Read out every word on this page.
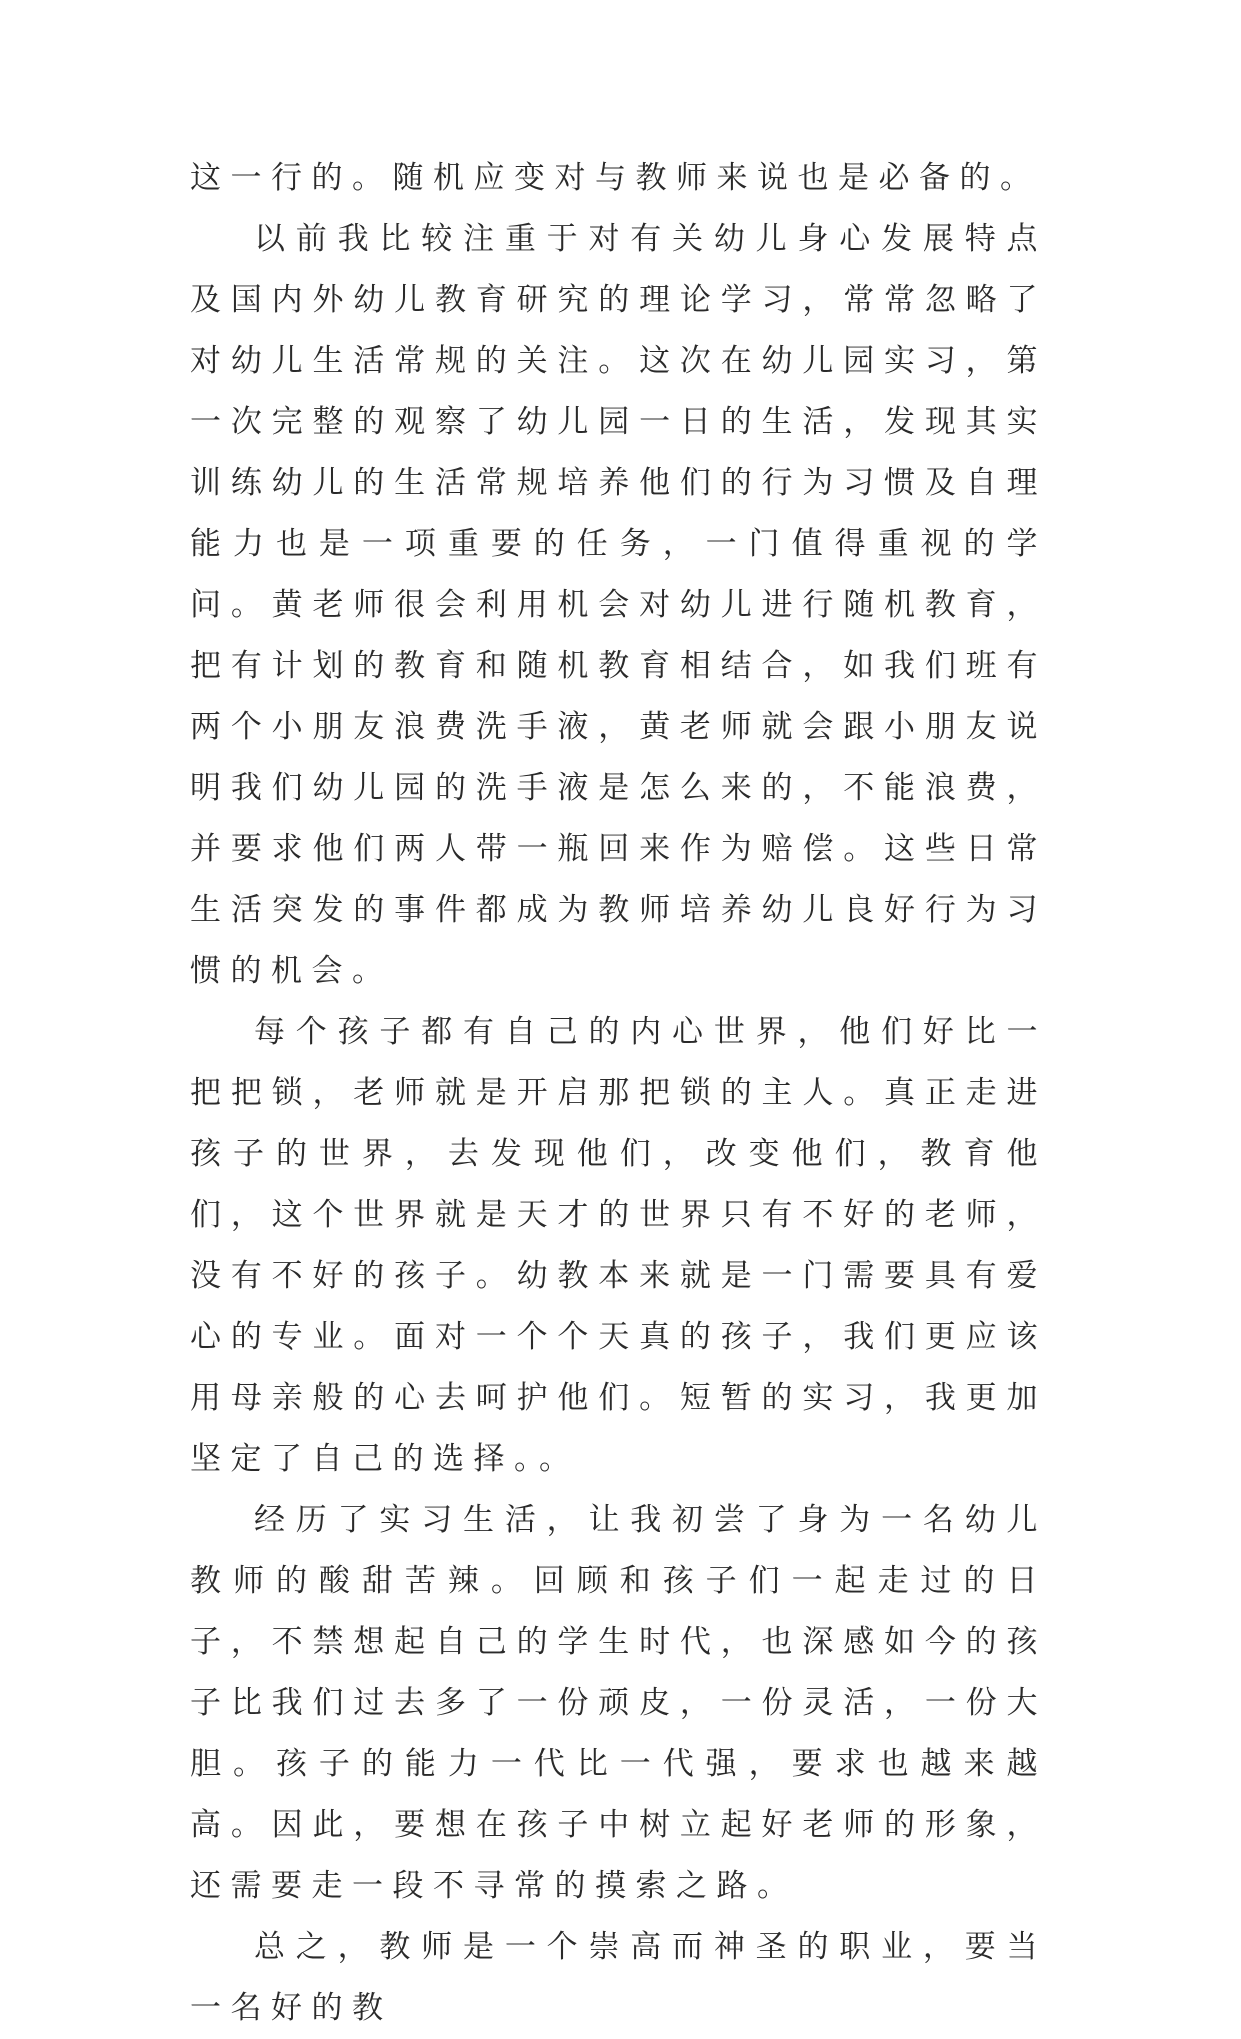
这一行的。随机应变对与教师来说也是必备的。

以前我比较注重于对有关幼儿身心发展特点及国内外幼儿教育研究的理论学习，常常忽略了对幼儿生活常规的关注。这次在幼儿园实习，第一次完整的观察了幼儿园一日的生活，发现其实训练幼儿的生活常规培养他们的行为习惯及自理能力也是一项重要的任务，一门值得重视的学问。黄老师很会利用机会对幼儿进行随机教育，把有计划的教育和随机教育相结合，如我们班有两个小朋友浪费洗手液，黄老师就会跟小朋友说明我们幼儿园的洗手液是怎么来的，不能浪费，并要求他们两人带一瓶回来作为赔偿。这些日常生活突发的事件都成为教师培养幼儿良好行为习惯的机会。

每个孩子都有自己的内心世界，他们好比一把把锁，老师就是开启那把锁的主人。真正走进孩子的世界，去发现他们，改变他们，教育他们，这个世界就是天才的世界只有不好的老师，没有不好的孩子。幼教本来就是一门需要具有爱心的专业。面对一个个天真的孩子，我们更应该用母亲般的心去呵护他们。短暂的实习，我更加坚定了自己的选择。。

经历了实习生活，让我初尝了身为一名幼儿教师的酸甜苦辣。回顾和孩子们一起走过的日子，不禁想起自己的学生时代，也深感如今的孩子比我们过去多了一份顽皮，一份灵活，一份大胆。孩子的能力一代比一代强，要求也越来越高。因此，要想在孩子中树立起好老师的形象，还需要走一段不寻常的摸索之路。

总之，教师是一个崇高而神圣的职业，要当一名好的教
